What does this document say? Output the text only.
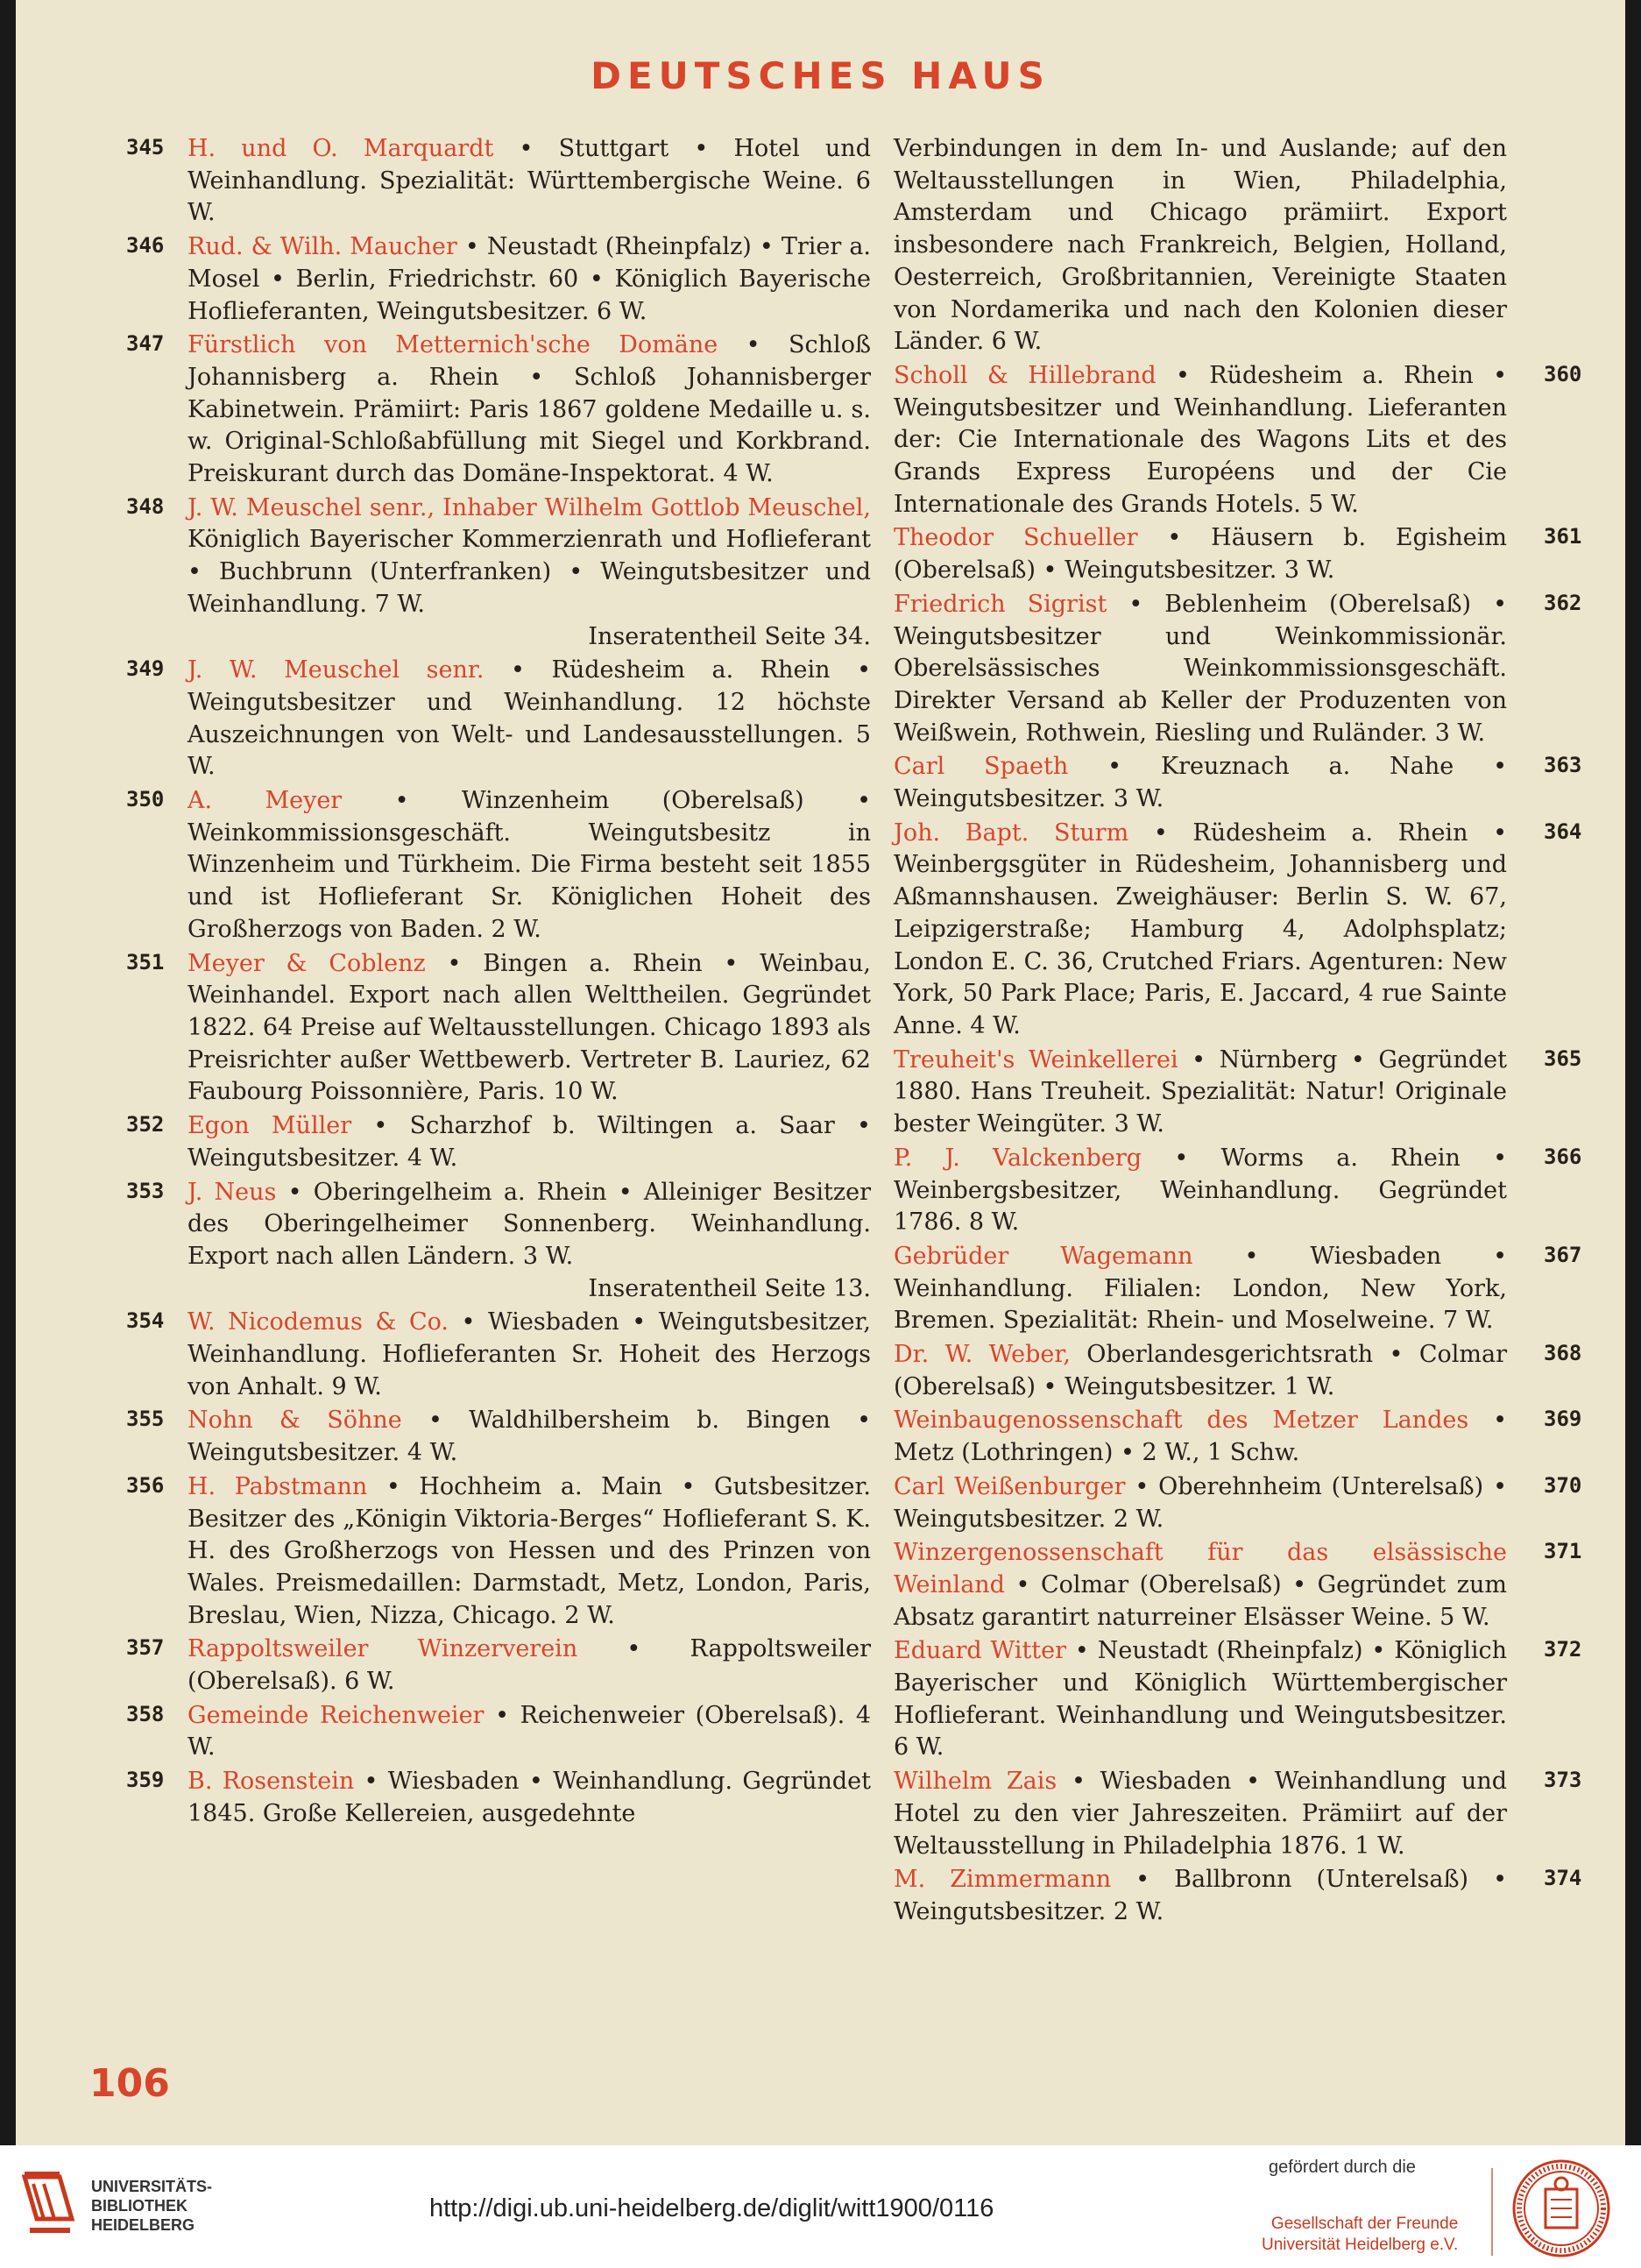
DEUTSCHES HAUS
345 H. und O. Marquardt • Stuttgart • Hotel und Weinhandlung. Spezialität: Württembergische Weine. 6 W.
346 Rud. & Wilh. Maucher • Neustadt (Rheinpfalz) • Trier a. Mosel • Berlin, Friedrichstr. 60 • Königlich Bayerische Hoflieferanten, Weingutsbesitzer. 6 W.
347 Fürstlich von Metternich'sche Domäne • Schloß Johannisberg a. Rhein • Schloß Johannisberger Kabinetwein. Prämiirt: Paris 1867 goldene Medaille u. s. w. Original-Schloßabfüllung mit Siegel und Korkbrand. Preiskurant durch das Domäne-Inspektorat. 4 W.
348 J. W. Meuschel senr., Inhaber Wilhelm Gottlob Meuschel, Königlich Bayerischer Kommerzienrath und Hoflieferant • Buchbrunn (Unterfranken) • Weingutsbesitzer und Weinhandlung. 7 W.
Inseratentheil Seite 34.
349 J. W. Meuschel senr. • Rüdesheim a. Rhein • Weingutsbesitzer und Weinhandlung. 12 höchste Auszeichnungen von Welt- und Landesausstellungen. 5 W.
350 A. Meyer • Winzenheim (Oberelsaß) • Weinkommissionsgeschäft. Weingutsbesitz in Winzenheim und Türkheim. Die Firma besteht seit 1855 und ist Hoflieferant Sr. Königlichen Hoheit des Großherzogs von Baden. 2 W.
351 Meyer & Coblenz • Bingen a. Rhein • Weinbau, Weinhandel. Export nach allen Welttheilen. Gegründet 1822. 64 Preise auf Weltausstellungen. Chicago 1893 als Preisrichter außer Wettbewerb. Vertreter B. Lauriez, 62 Faubourg Poissonnière, Paris. 10 W.
352 Egon Müller • Scharzhof b. Wiltingen a. Saar • Weingutsbesitzer. 4 W.
353 J. Neus • Oberingelheim a. Rhein • Alleiniger Besitzer des Oberingelheimer Sonnenberg. Weinhandlung. Export nach allen Ländern. 3 W.
Inseratentheil Seite 13.
354 W. Nicodemus & Co. • Wiesbaden • Weingutsbesitzer, Weinhandlung. Hoflieferanten Sr. Hoheit des Herzogs von Anhalt. 9 W.
355 Nohn & Söhne • Waldhilbersheim b. Bingen • Weingutsbesitzer. 4 W.
356 H. Pabstmann • Hochheim a. Main • Gutsbesitzer. Besitzer des „Königin Viktoria-Berges“ Hoflieferant S. K. H. des Großherzogs von Hessen und des Prinzen von Wales. Preismedaillen: Darmstadt, Metz, London, Paris, Breslau, Wien, Nizza, Chicago. 2 W.
357 Rappoltsweiler Winzerverein • Rappoltsweiler (Oberelsaß). 6 W.
358 Gemeinde Reichenweier • Reichenweier (Oberelsaß). 4 W.
359 B. Rosenstein • Wiesbaden • Weinhandlung. Gegründet 1845. Große Kellereien, ausgedehnte
Verbindungen in dem In- und Auslande; auf den Weltausstellungen in Wien, Philadelphia, Amsterdam und Chicago prämiirt. Export insbesondere nach Frankreich, Belgien, Holland, Oesterreich, Großbritannien, Vereinigte Staaten von Nordamerika und nach den Kolonien dieser Länder. 6 W.
360
Scholl & Hillebrand • Rüdesheim a. Rhein • Weingutsbesitzer und Weinhandlung. Lieferanten der: Cie Internationale des Wagons Lits et des Grands Express Européens und der Cie Internationale des Grands Hotels. 5 W.
361
Theodor Schueller • Häusern b. Egisheim (Oberelsaß) • Weingutsbesitzer. 3 W.
362
Friedrich Sigrist • Beblenheim (Oberelsaß) • Weingutsbesitzer und Weinkommissionär. Oberelsässisches Weinkommissionsgeschäft. Direkter Versand ab Keller der Produzenten von Weißwein, Rothwein, Riesling und Ruländer. 3 W.
363
Carl Spaeth • Kreuznach a. Nahe • Weingutsbesitzer. 3 W.
364
Joh. Bapt. Sturm • Rüdesheim a. Rhein • Weinbergsgüter in Rüdesheim, Johannisberg und Aßmannshausen. Zweighäuser: Berlin S. W. 67, Leipzigerstraße; Hamburg 4, Adolphsplatz; London E. C. 36, Crutched Friars. Agenturen: New York, 50 Park Place; Paris, E. Jaccard, 4 rue Sainte Anne. 4 W.
365
Treuheit's Weinkellerei • Nürnberg • Gegründet 1880. Hans Treuheit. Spezialität: Natur! Originale bester Weingüter. 3 W.
366
P. J. Valckenberg • Worms a. Rhein • Weinbergsbesitzer, Weinhandlung. Gegründet 1786. 8 W.
367
Gebrüder Wagemann • Wiesbaden • Weinhandlung. Filialen: London, New York, Bremen. Spezialität: Rhein- und Moselweine. 7 W.
368
Dr. W. Weber, Oberlandesgerichtsrath • Colmar (Oberelsaß) • Weingutsbesitzer. 1 W.
369
Weinbaugenossenschaft des Metzer Landes • Metz (Lothringen) • 2 W., 1 Schw.
370
Carl Weißenburger • Oberehnheim (Unterelsaß) • Weingutsbesitzer. 2 W.
371
Winzergenossenschaft für das elsässische Weinland • Colmar (Oberelsaß) • Gegründet zum Absatz garantirt naturreiner Elsässer Weine. 5 W.
372
Eduard Witter • Neustadt (Rheinpfalz) • Königlich Bayerischer und Königlich Württembergischer Hoflieferant. Weinhandlung und Weingutsbesitzer. 6 W.
373
Wilhelm Zais • Wiesbaden • Weinhandlung und Hotel zu den vier Jahreszeiten. Prämiirt auf der Weltausstellung in Philadelphia 1876. 1 W.
374
M. Zimmermann • Ballbronn (Unterelsaß) • Weingutsbesitzer. 2 W.
106
UNIVERSITÄTS-
BIBLIOTHEK
HEIDELBERG
http://digi.ub.uni-heidelberg.de/diglit/witt1900/0116
gefördert durch die
Gesellschaft der Freunde
Universität Heidelberg e.V.
